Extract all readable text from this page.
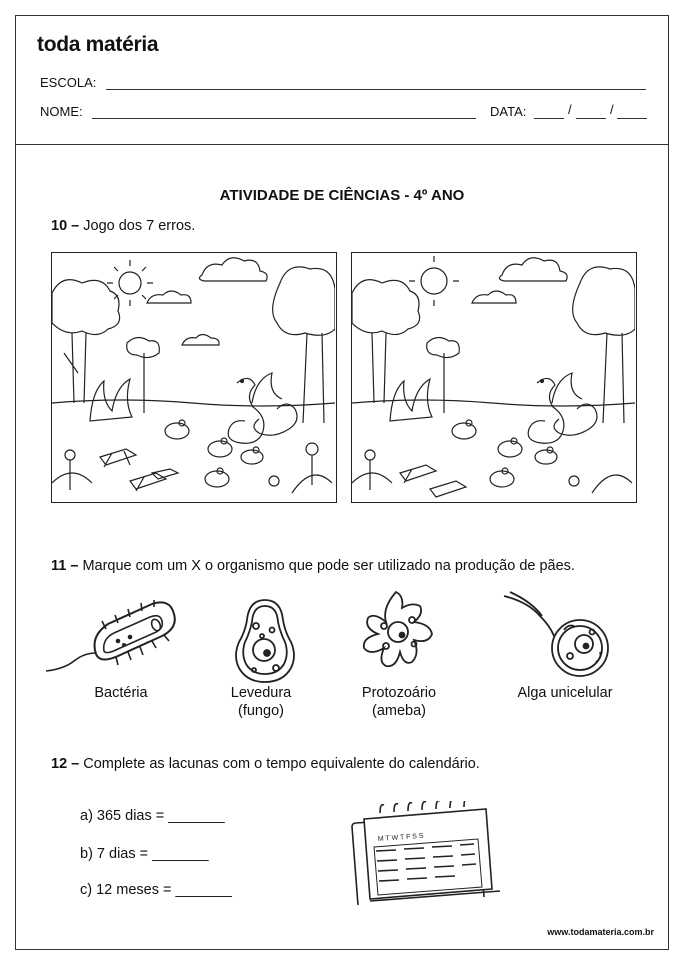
toda matéria
ESCOLA:
NOME:	DATA:	/	/
ATIVIDADE DE CIÊNCIAS - 4º ANO
10 – Jogo dos 7 erros.
11 – Marque com um X o organismo que pode ser utilizado na produção de pães.
Bactéria	Levedura
(fungo)
Protozoário
(ameba)
Alga unicelular
12 – Complete as lacunas com o tempo equivalente do calendário.
a) 365 dias = _______
b) 7 dias = _______
c) 12 meses = _______
M T W T F S S
www.todamateria.com.br
